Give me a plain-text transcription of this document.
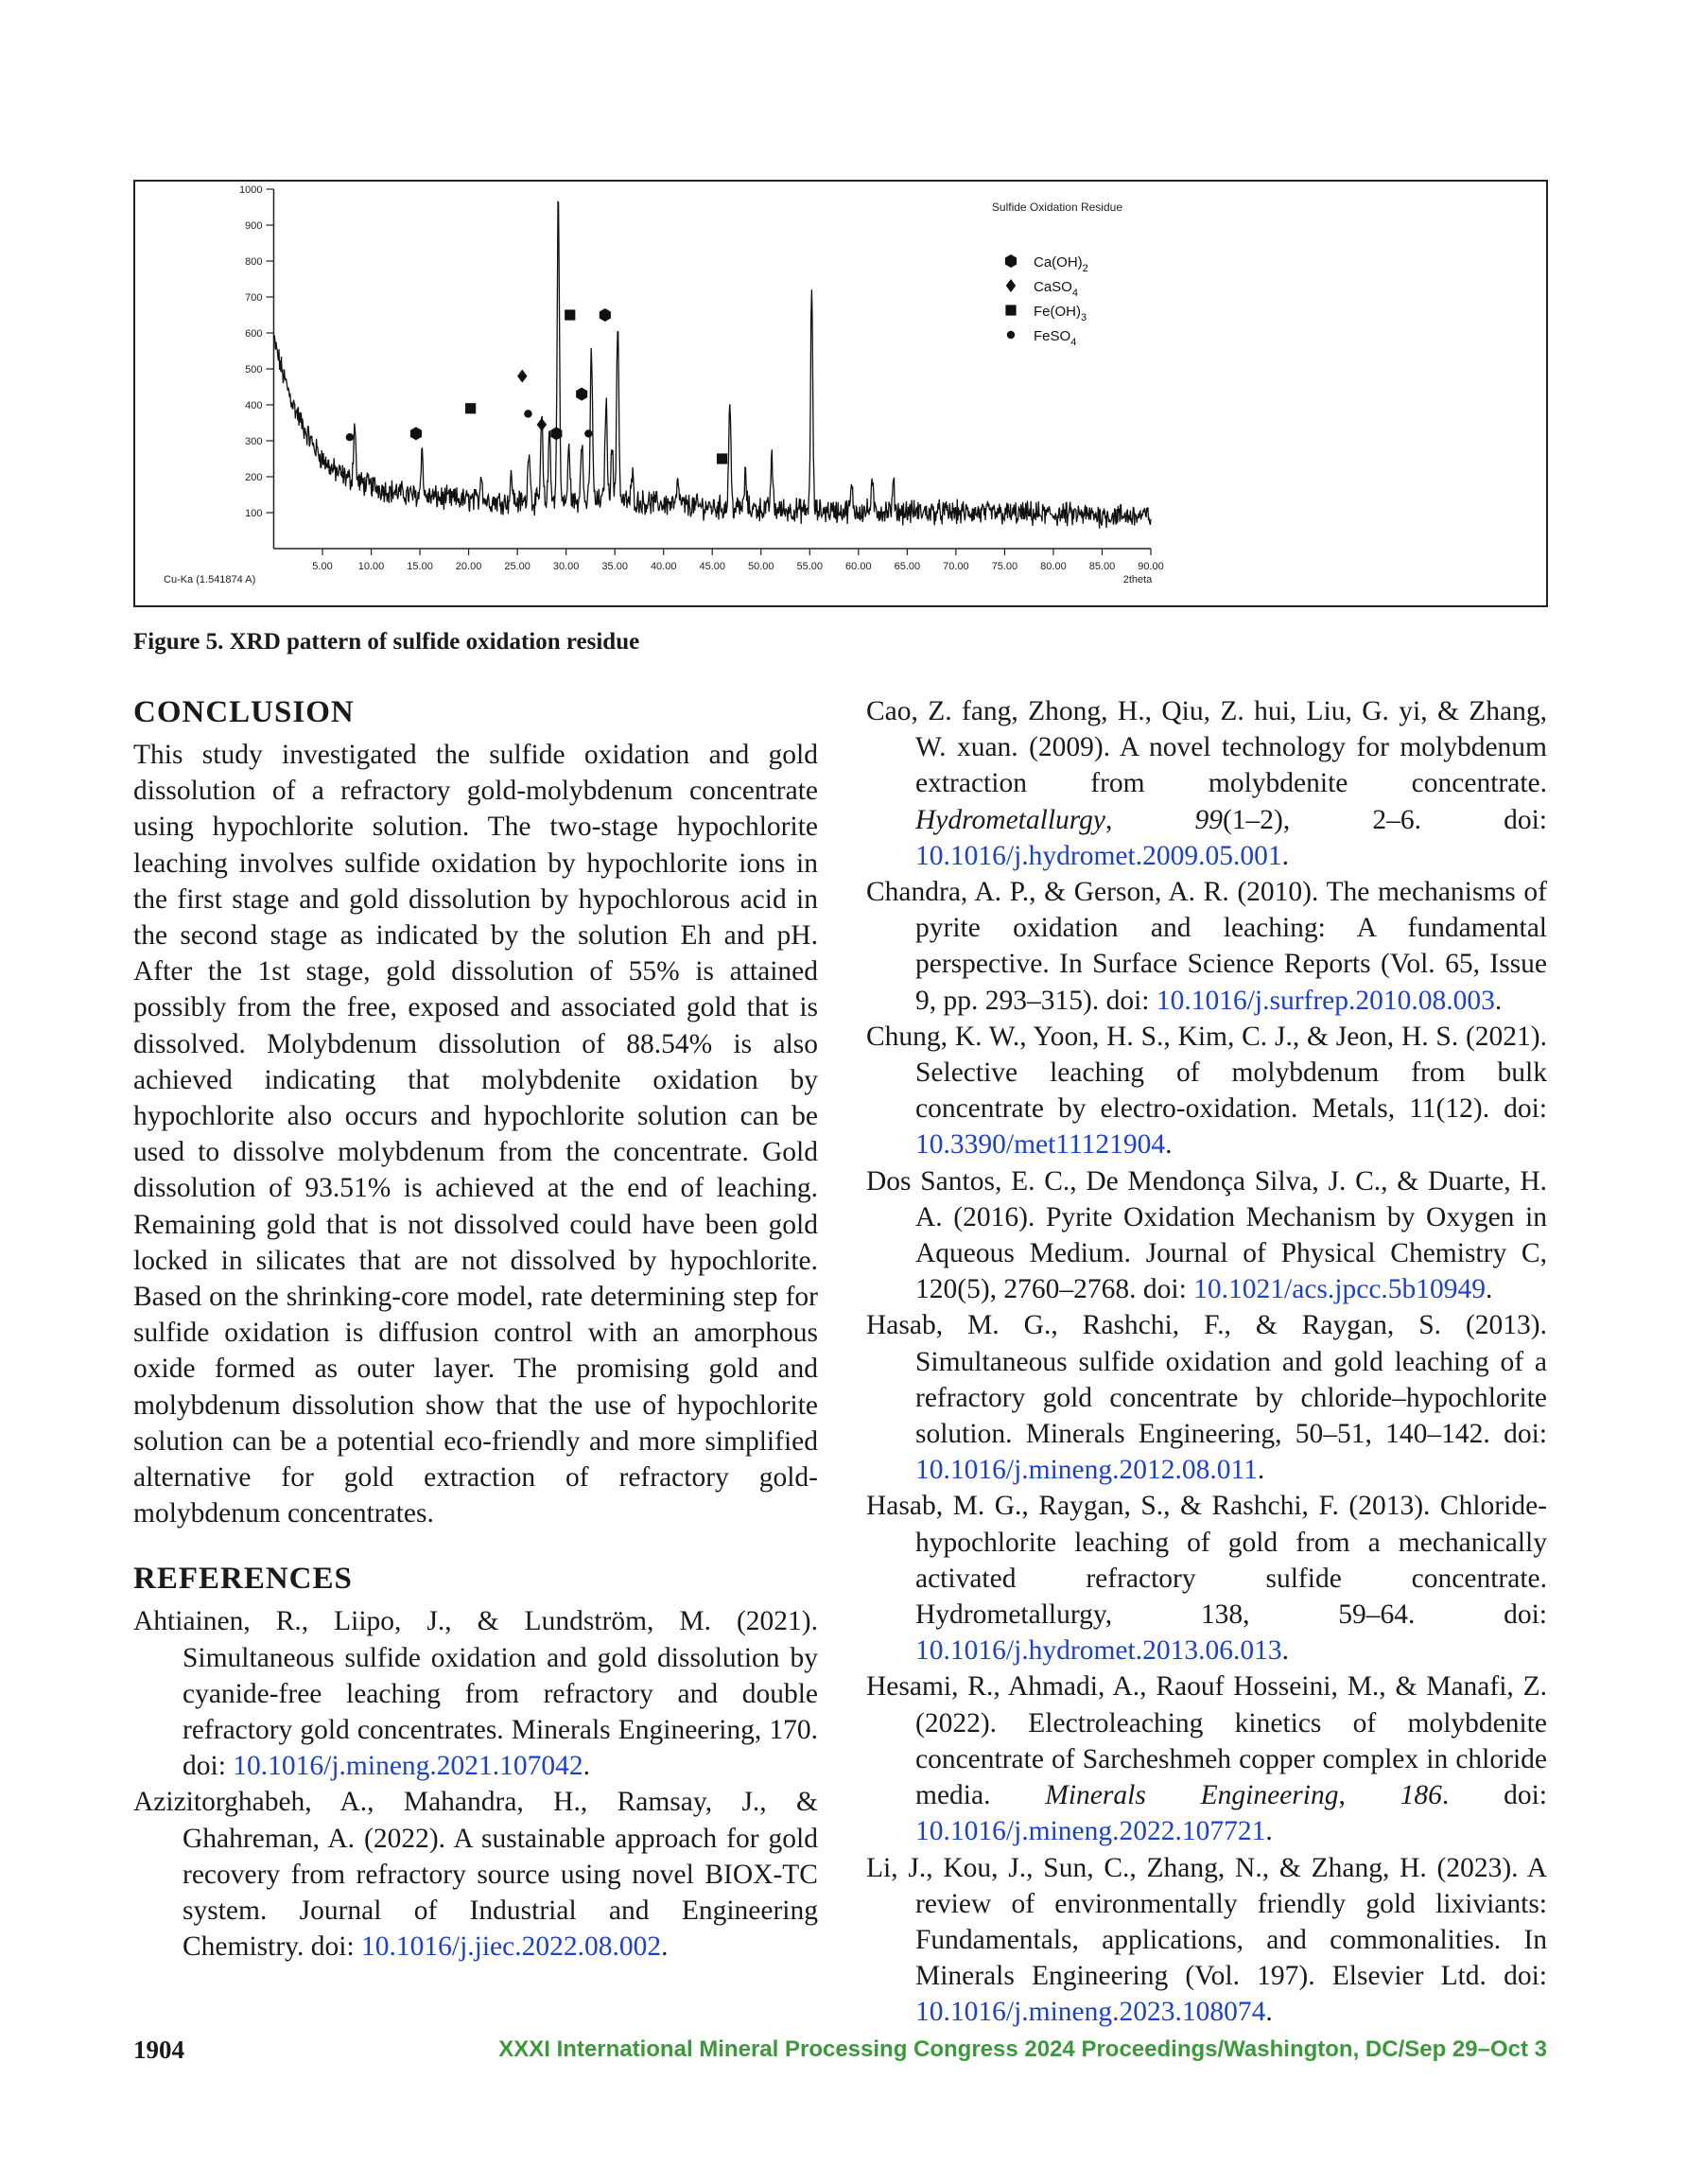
100
200
300
400
500
600
700
800
900
1000
5.00 10.00 15.00 20.00 25.00 30.00 35.00 40.00 45.00 50.00 55.00 60.00 65.00 70.00 75.00 80.00 85.00 90.00
Cu-Ka (1.541874 A)	2theta
Sulfide Oxidation Residue
$Ca(OH)_2$
CaSO$_4$
$Fe(OH)_3$
FeSO$_4$
Figure 5. XRD pattern of sulfide oxidation residue
CONCLUSION

This study investigated the sulfide oxidation and gold dissolution of a refractory gold-molybdenum concentrate using hypochlorite solution. The two-stage hypochlorite leaching involves sulfide oxidation by hypochlorite ions in the first stage and gold dissolution by hypochlorous acid in the second stage as indicated by the solution Eh and pH. After the 1st stage, gold dissolution of 55% is attained possibly from the free, exposed and associated gold that is dissolved. Molybdenum dissolution of 88.54% is also achieved indicating that molybdenite oxidation by hypochlorite also occurs and hypochlorite solution can be used to dissolve molybdenum from the concentrate. Gold dissolution of 93.51% is achieved at the end of leaching. Remaining gold that is not dissolved could have been gold locked in silicates that are not dissolved by hypochlorite. Based on the shrinking-core model, rate determining step for sulfide oxidation is diffusion control with an amorphous oxide formed as outer layer. The promising gold and molybdenum dissolution show that the use of hypochlorite solution can be a potential eco-friendly and more simplified alternative for gold extraction of refractory gold-molybdenum concentrates.

REFERENCES

Ahtiainen, R., Liipo, J., & Lundström, M. (2021). Simultaneous sulfide oxidation and gold dissolution by cyanide-free leaching from refractory and double refractory gold concentrates. Minerals Engineering, 170. doi: 10.1016/j.mineng.2021.107042.

Azizitorghabeh, A., Mahandra, H., Ramsay, J., & Ghahreman, A. (2022). A sustainable approach for gold recovery from refractory source using novel BIOX-TC system. Journal of Industrial and Engineering Chemistry. doi: 10.1016/j.jiec.2022.08.002.

Cao, Z. fang, Zhong, H., Qiu, Z. hui, Liu, G. yi, & Zhang, W. xuan. (2009). A novel technology for molybdenum extraction from molybdenite concentrate. Hydrometallurgy, 99(1–2), 2–6. doi: 10.1016/j.hydromet.2009.05.001.

Chandra, A. P., & Gerson, A. R. (2010). The mechanisms of pyrite oxidation and leaching: A fundamental perspective. In Surface Science Reports (Vol. 65, Issue 9, pp. 293–315). doi: 10.1016/j.surfrep.2010.08.003.

Chung, K. W., Yoon, H. S., Kim, C. J., & Jeon, H. S. (2021). Selective leaching of molybdenum from bulk concentrate by electro-oxidation. Metals, 11(12). doi: 10.3390/met11121904.

Dos Santos, E. C., De Mendonça Silva, J. C., & Duarte, H. A. (2016). Pyrite Oxidation Mechanism by Oxygen in Aqueous Medium. Journal of Physical Chemistry C, 120(5), 2760–2768. doi: 10.1021/acs.jpcc.5b10949.

Hasab, M. G., Rashchi, F., & Raygan, S. (2013). Simultaneous sulfide oxidation and gold leaching of a refractory gold concentrate by chloride–hypochlorite solution. Minerals Engineering, 50–51, 140–142. doi: 10.1016/j.mineng.2012.08.011.

Hasab, M. G., Raygan, S., & Rashchi, F. (2013). Chloride-hypochlorite leaching of gold from a mechanically activated refractory sulfide concentrate. Hydrometallurgy, 138, 59–64. doi: 10.1016/j.hydromet.2013.06.013.

Hesami, R., Ahmadi, A., Raouf Hosseini, M., & Manafi, Z. (2022). Electroleaching kinetics of molybdenite concentrate of Sarcheshmeh copper complex in chloride media. Minerals Engineering, 186. doi: 10.1016/j.mineng.2022.107721.

Li, J., Kou, J., Sun, C., Zhang, N., & Zhang, H. (2023). A review of environmentally friendly gold lixiviants: Fundamentals, applications, and commonalities. In Minerals Engineering (Vol. 197). Elsevier Ltd. doi: 10.1016/j.mineng.2023.108074.

1904	XXXI International Mineral Processing Congress 2024 Proceedings/Washington, DC/Sep 29–Oct 3
